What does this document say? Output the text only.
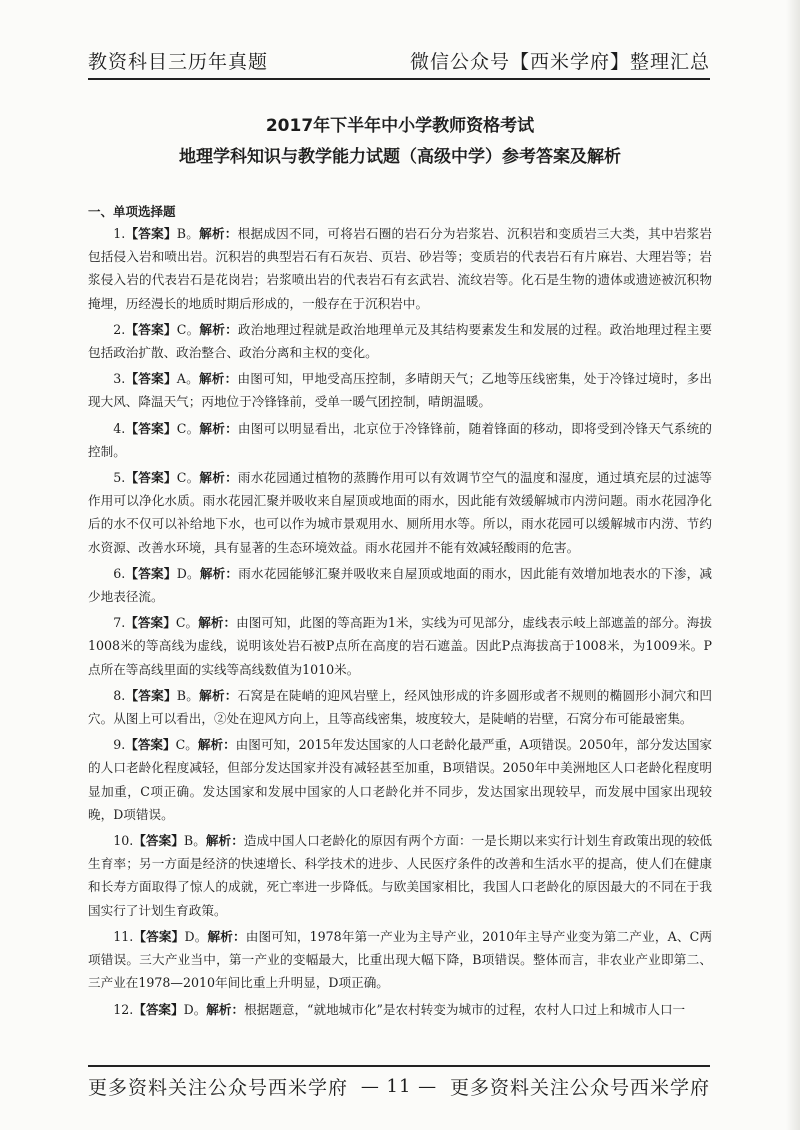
教资科目三历年真题	微信公众号【西米学府】整理汇总
2017年下半年中小学教师资格考试
地理学科知识与教学能力试题（高级中学）参考答案及解析
一、单项选择题

1.【答案】B。解析：根据成因不同，可将岩石圈的岩石分为岩浆岩、沉积岩和变质岩三大类，其中岩浆岩包括侵入岩和喷出岩。沉积岩的典型岩石有石灰岩、页岩、砂岩等；变质岩的代表岩石有片麻岩、大理岩等；岩浆侵入岩的代表岩石是花岗岩；岩浆喷出岩的代表岩石有玄武岩、流纹岩等。化石是生物的遗体或遗迹被沉积物掩埋，历经漫长的地质时期后形成的，一般存在于沉积岩中。

2.【答案】C。解析：政治地理过程就是政治地理单元及其结构要素发生和发展的过程。政治地理过程主要包括政治扩散、政治整合、政治分离和主权的变化。

3.【答案】A。解析：由图可知，甲地受高压控制，多晴朗天气；乙地等压线密集，处于冷锋过境时，多出现大风、降温天气；丙地位于冷锋锋前，受单一暖气团控制，晴朗温暖。

4.【答案】C。解析：由图可以明显看出，北京位于冷锋锋前，随着锋面的移动，即将受到冷锋天气系统的控制。

5.【答案】C。解析：雨水花园通过植物的蒸腾作用可以有效调节空气的温度和湿度，通过填充层的过滤等作用可以净化水质。雨水花园汇聚并吸收来自屋顶或地面的雨水，因此能有效缓解城市内涝问题。雨水花园净化后的水不仅可以补给地下水，也可以作为城市景观用水、厕所用水等。所以，雨水花园可以缓解城市内涝、节约水资源、改善水环境，具有显著的生态环境效益。雨水花园并不能有效减轻酸雨的危害。

6.【答案】D。解析：雨水花园能够汇聚并吸收来自屋顶或地面的雨水，因此能有效增加地表水的下渗，减少地表径流。

7.【答案】C。解析：由图可知，此图的等高距为1米，实线为可见部分，虚线表示岐上部遮盖的部分。海拔1008米的等高线为虚线，说明该处岩石被P点所在高度的岩石遮盖。因此P点海拔高于1008米，为1009米。P点所在等高线里面的实线等高线数值为1010米。

8.【答案】B。解析：石窝是在陡峭的迎风岩壁上，经风蚀形成的许多圆形或者不规则的椭圆形小洞穴和凹穴。从图上可以看出，②处在迎风方向上，且等高线密集，坡度较大，是陡峭的岩壁，石窝分布可能最密集。

9.【答案】C。解析：由图可知，2015年发达国家的人口老龄化最严重，A项错误。2050年，部分发达国家的人口老龄化程度减轻，但部分发达国家并没有减轻甚至加重，B项错误。2050年中美洲地区人口老龄化程度明显加重，C项正确。发达国家和发展中国家的人口老龄化并不同步，发达国家出现较早，而发展中国家出现较晚，D项错误。

10.【答案】B。解析：造成中国人口老龄化的原因有两个方面：一是长期以来实行计划生育政策出现的较低生育率；另一方面是经济的快速增长、科学技术的进步、人民医疗条件的改善和生活水平的提高，使人们在健康和长寿方面取得了惊人的成就，死亡率进一步降低。与欧美国家相比，我国人口老龄化的原因最大的不同在于我国实行了计划生育政策。

11.【答案】D。解析：由图可知，1978年第一产业为主导产业，2010年主导产业变为第二产业，A、C两项错误。三大产业当中，第一产业的变幅最大，比重出现大幅下降，B项错误。整体而言，非农业产业即第二、三产业在1978—2010年间比重上升明显，D项正确。

12.【答案】D。解析：根据题意，“就地城市化”是农村转变为城市的过程，农村人口过上和城市人口一

更多资料关注公众号西米学府 — 11 — 更多资料关注公众号西米学府
